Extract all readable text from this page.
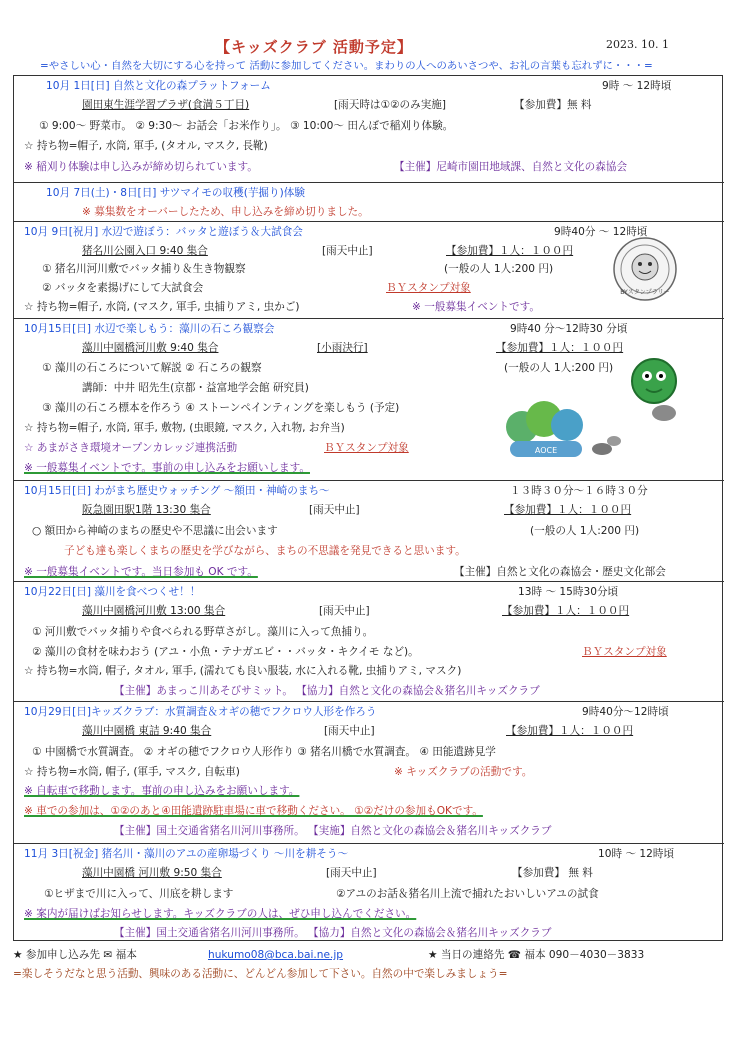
【キッズクラブ 活動予定】	2023. 10. 1
=やさしい心・自然を大切にする心を持って 活動に参加してください。まわりの人へのあいさつや、お礼の言葉も忘れずに・・・=
10月 1日[日] 自然と文化の森プラットフォーム	9時 ～ 12時頃
園田東生涯学習プラザ(食満５丁目)	[雨天時は①②のみ実施]	【参加費】無 料
① 9:00～ 野菜市。 ② 9:30～ お話会「お米作り」。 ③ 10:00～ 田んぼで稲刈り体験。
☆ 持ち物=帽子, 水筒, 軍手, (タオル, マスク, 長靴)
※ 稲刈り体験は申し込みが締め切られています。	【主催】尼崎市園田地域課、自然と文化の森協会
10月 7日(土)・8日[日] サツマイモの収穫(芋掘り)体験
※ 募集数をオーバーしたため、申し込みを締め切りました。
10月 9日[祝月] 水辺で遊ぼう：バッタと遊ぼう＆大試食会	9時40分 ～ 12時頃
猪名川公園入口 9:40 集合	[雨天中止]	【参加費】１人：１００円
① 猪名川河川敷でバッタ捕り＆生き物観察	(一般の人 1人:200 円)
② バッタを素揚げにして大試食会	ＢＹスタンプ対象
☆ 持ち物=帽子, 水筒, (マスク, 軍手, 虫捕りアミ, 虫かご)	※ 一般募集イベントです。
BYスタンプラリー
10月15日[日] 水辺で楽しもう：藻川の石ころ観察会	9時40 分～12時30 分頃
藻川中園橋河川敷 9:40 集合	[小雨決行]	【参加費】１人：１００円
① 藻川の石ころについて解説 ② 石ころの観察	(一般の人 1人:200 円)
講師：中井 昭先生(京都・益富地学会館 研究員)
③ 藻川の石ころ標本を作ろう ④ ストーンペインティングを楽しもう (予定)
☆ 持ち物=帽子, 水筒, 軍手, 敷物, (虫眼鏡, マスク, 入れ物, お弁当)
☆ あまがさき環境オープンカレッジ連携活動	ＢＹスタンプ対象
※ 一般募集イベントです。事前の申し込みをお願いします。
AOCE
10月15日[日] わがまち歴史ウォッチング ～額田・神崎のまち～	１３時３０分～１６時３０分
阪急園田駅1階 13:30 集合	[雨天中止]	【参加費】１人：１００円
○ 額田から神崎のまちの歴史や不思議に出会います	(一般の人 1人:200 円)
子ども達も楽しくまちの歴史を学びながら、まちの不思議を発見できると思います。
※ 一般募集イベントです。当日参加も OK です。	【主催】自然と文化の森協会・歴史文化部会
10月22日[日] 藻川を食べつくせ！！	13時 ～ 15時30分頃
藻川中園橋河川敷 13:00 集合	[雨天中止]	【参加費】１人：１００円
① 河川敷でバッタ捕りや食べられる野草さがし。藻川に入って魚捕り。
② 藻川の食材を味わおう (アユ・小魚・テナガエビ・・バッタ・キクイモ など)。	ＢＹスタンプ対象
☆ 持ち物=水筒, 帽子, タオル, 軍手, (濡れても良い服装, 水に入れる靴, 虫捕りアミ, マスク)
【主催】あまっこ川あそびサミット。 【協力】自然と文化の森協会＆猪名川キッズクラブ
10月29日[日]キッズクラブ：水質調査＆オギの穂でフクロウ人形を作ろう	9時40分～12時頃
藻川中園橋 東詰 9:40 集合	[雨天中止]	【参加費】１人：１００円
① 中園橋で水質調査。 ② オギの穂でフクロウ人形作り ③ 猪名川橋で水質調査。 ④ 田能遺跡見学
☆ 持ち物=水筒, 帽子, (軍手, マスク, 自転車)	※ キッズクラブの活動です。
※ 自転車で移動します。事前の申し込みをお願いします。
※ 車での参加は、①②のあと④田能遺跡駐車場に車で移動ください。 ①②だけの参加もOKです。
【主催】国土交通省猪名川河川事務所。 【実施】自然と文化の森協会＆猪名川キッズクラブ
11月 3日[祝金] 猪名川・藻川のアユの産卵場づくり ～川を耕そう～	10時 ～ 12時頃
藻川中園橋 河川敷 9:50 集合	[雨天中止]	【参加費】 無 料
①ヒザまで川に入って、川底を耕します	②アユのお話＆猪名川上流で捕れたおいしいアユの試食
※ 案内が届けばお知らせします。キッズクラブの人は、ぜひ申し込んでください。
【主催】国土交通省猪名川河川事務所。 【協力】自然と文化の森協会＆猪名川キッズクラブ
★ 参加申し込み先 ✉ 福本	hukumo08@bca.bai.ne.jp	★ 当日の連絡先 ☎ 福本 090－4030－3833
=楽しそうだなと思う活動、興味のある活動に、どんどん参加して下さい。自然の中で楽しみましょう=
